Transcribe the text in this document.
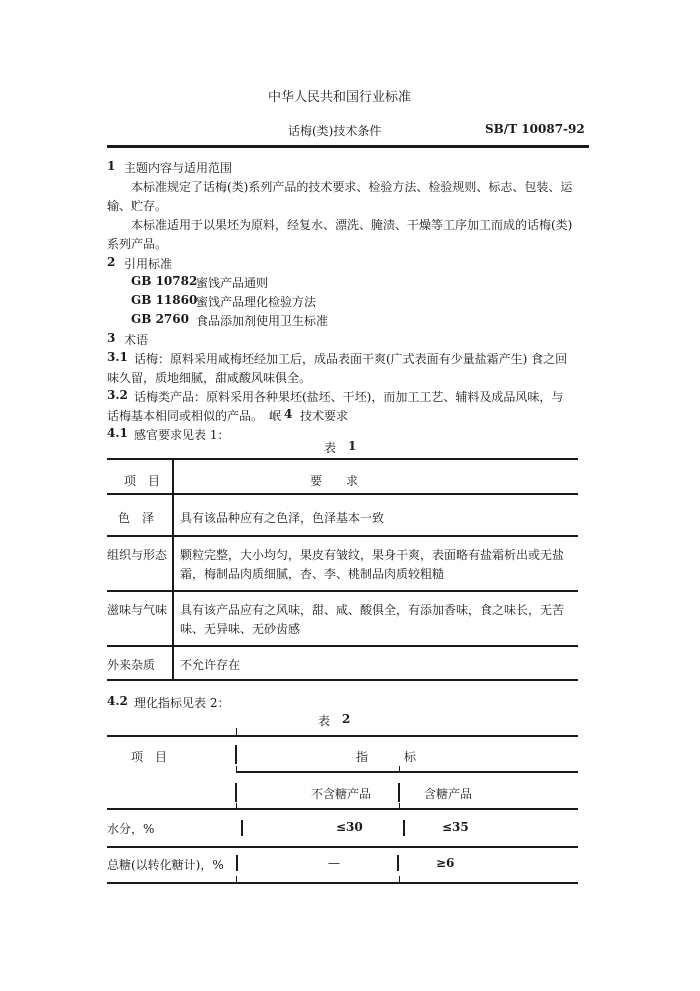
中华人民共和国行业标准
话梅(类)技术条件	SB/T 10087-92
1 主题内容与适用范围
本标准规定了话梅(类)系列产品的技术要求、检验方法、检验规则、标志、包装、运
输、贮存。
本标准适用于以果坯为原料，经复水、漂洗、腌渍、干燥等工序加工而成的话梅(类)
系列产品。
2 引用标准
GB 10782
蜜饯产品通则
GB 11860
蜜饯产品理化检验方法
GB 2760 食品添加剂使用卫生标准
3 术语
3.1 话梅：原料采用咸梅坯经加工后，成品表面干爽(广式表面有少量盐霜产生) 食之回
味久留，质地细腻，甜咸酸风味俱全。
3.2 话梅类产品：原料采用各种果坯(盐坯、干坯)，而加工工艺、辅料及成品风味，与
话梅基本相同或相似的产品。 岷 4 技术要求
4.1 感官要求见表 1：
表 1
项　目	要　　求
色　泽 具有该品种应有之色泽，色泽基本一致
组织与形态 颗粒完整，大小均匀，果皮有皱纹，果身干爽，表面略有盐霜析出或无盐
霜，梅制品肉质细腻，杏、李、桃制品肉质较粗糙
滋味与气味 具有该产品应有之风味，甜、咸、酸俱全，有添加香味，食之味长，无苦
味、无异味、无砂齿感
外来杂质 不允许存在
4.2 理化指标见表 2：
表 2
项　目	指　　　标
不含糖产品	含糖产品
水分，%	≤30	≤35
总糖(以转化糖计)，%	—	≥6
